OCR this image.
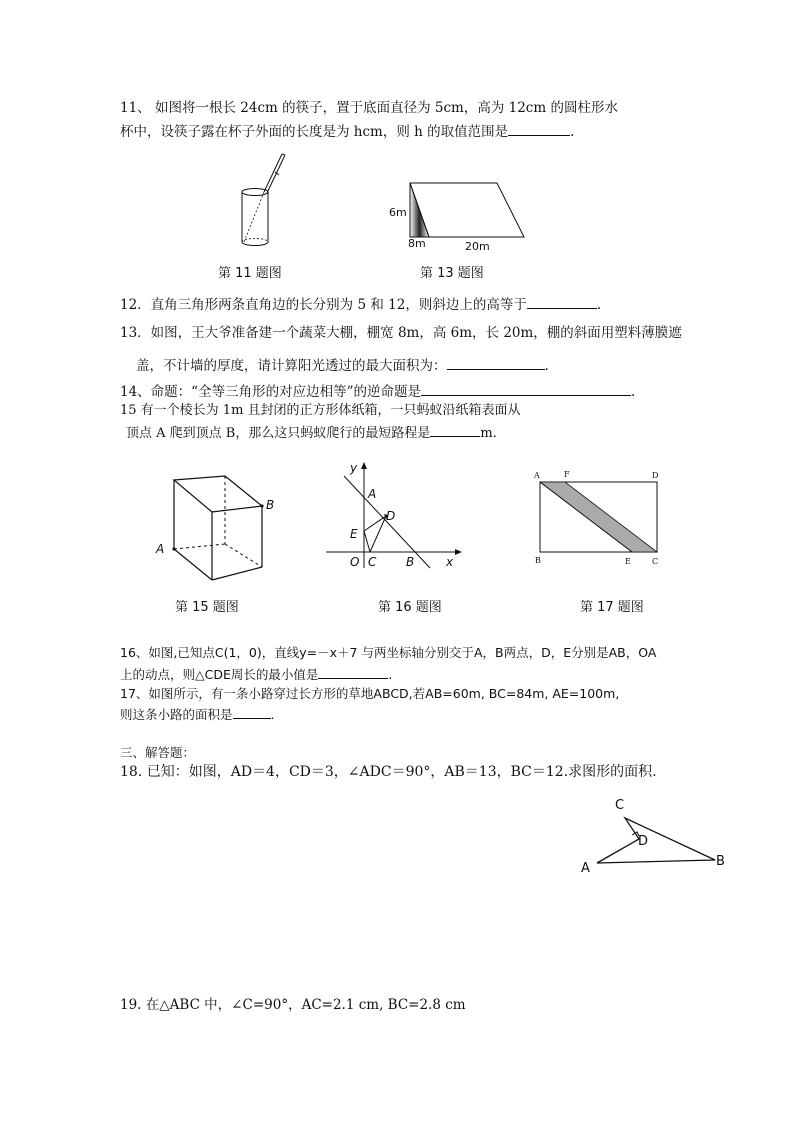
11、 如图将一根长 24cm 的筷子，置于底面直径为 5cm，高为 12cm 的圆柱形水
杯中，设筷子露在杯子外面的长度是为 hcm，则 h 的取值范围是	.
第 11 题图
6m
8m	20m
第 13 题图
12．直角三角形两条直角边的长分别为 5 和 12，则斜边上的高等于	.
13．如图，王大爷准备建一个蔬菜大棚，棚宽 8m，高 6m，长 20m，棚的斜面用塑料薄膜遮
盖，不计墙的厚度，请计算阳光透过的最大面积为：	.
14、命题：“全等三角形的对应边相等”的逆命题是	.
15 有一个棱长为 1m 且封闭的正方形体纸箱，一只蚂蚁沿纸箱表面从
顶点 A 爬到顶点 B，那么这只蚂蚁爬行的最短路程是	m.
A
B
第 15 题图
y
x
A
D
E
O C B
第 16 题图
A	F	D
B	E	C
第 17 题图
16、如图,已知点C(1，0)，直线y=－x＋7 与两坐标轴分别交于A，B两点，D，E分别是AB，OA
上的动点，则△CDE周长的最小值是	.
17、如图所示，有一条小路穿过长方形的草地ABCD,若AB=60m, BC=84m, AE=100m,
则这条小路的面积是	.
三、解答题：
18. 已知：如图，AD＝4，CD＝3，∠ADC＝90°，AB＝13，BC＝12.求图形的面积.
A	B
C
D
19. 在△ABC 中，∠C=90°，AC=2.1 cm, BC=2.8 cm
